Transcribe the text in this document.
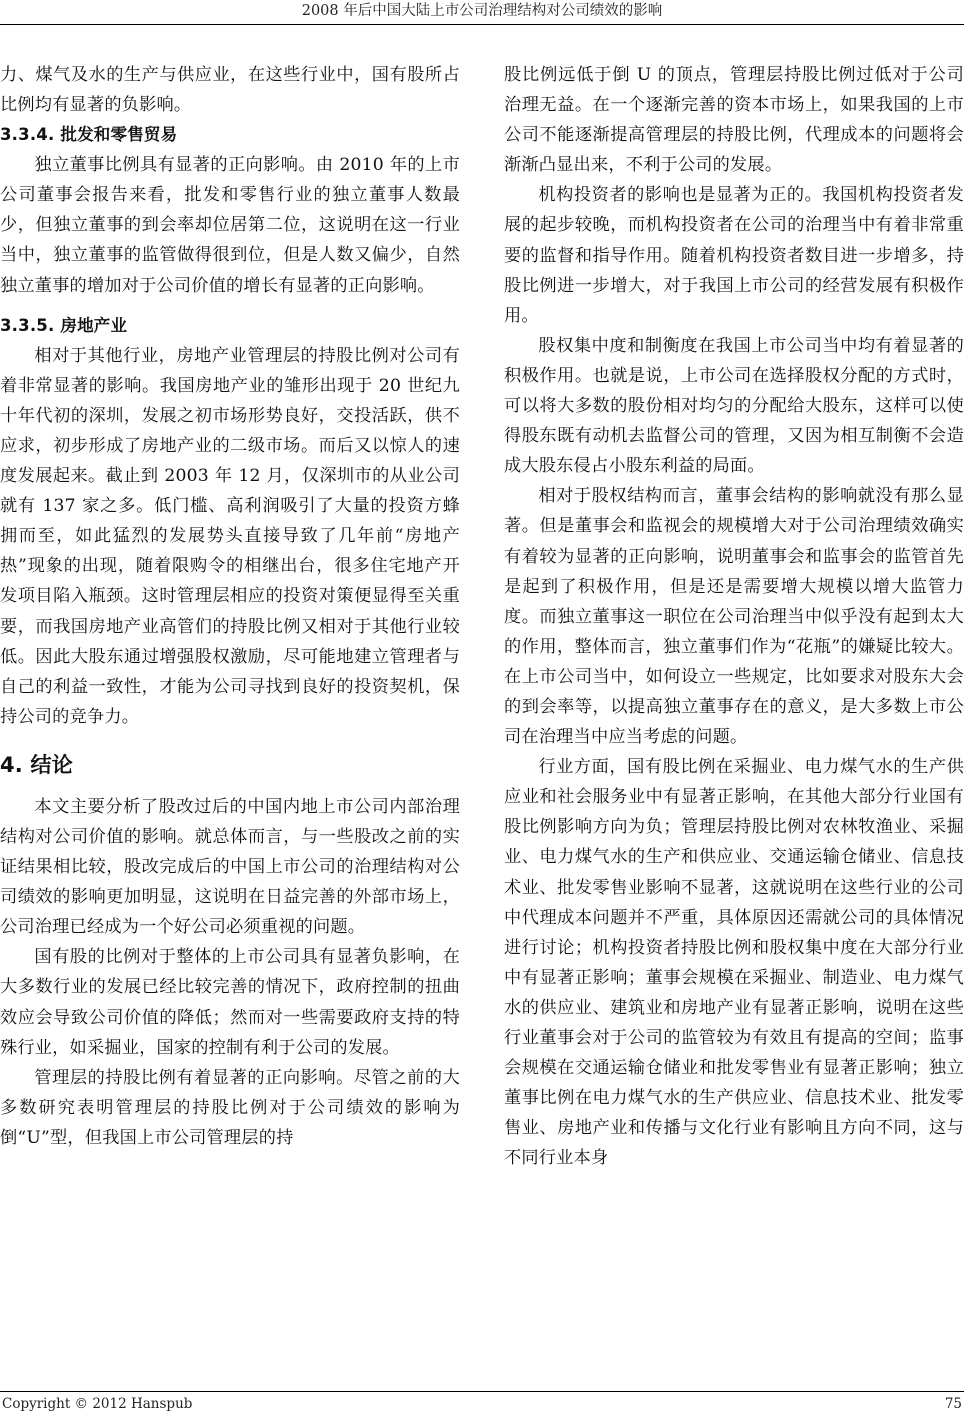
2008 年后中国大陆上市公司治理结构对公司绩效的影响

力、煤气及水的生产与供应业，在这些行业中，国有股所占比例均有显著的负影响。

3.3.4. 批发和零售贸易

独立董事比例具有显著的正向影响。由 2010 年的上市公司董事会报告来看，批发和零售行业的独立董事人数最少，但独立董事的到会率却位居第二位，这说明在这一行业当中，独立董事的监管做得很到位，但是人数又偏少，自然独立董事的增加对于公司价值的增长有显著的正向影响。

3.3.5. 房地产业

相对于其他行业，房地产业管理层的持股比例对公司有着非常显著的影响。我国房地产业的雏形出现于 20 世纪九十年代初的深圳，发展之初市场形势良好，交投活跃，供不应求，初步形成了房地产业的二级市场。而后又以惊人的速度发展起来。截止到 2003 年 12 月，仅深圳市的从业公司就有 137 家之多。低门槛、高利润吸引了大量的投资方蜂拥而至，如此猛烈的发展势头直接导致了几年前“房地产热”现象的出现，随着限购令的相继出台，很多住宅地产开发项目陷入瓶颈。这时管理层相应的投资对策便显得至关重要，而我国房地产业高管们的持股比例又相对于其他行业较低。因此大股东通过增强股权激励，尽可能地建立管理者与自己的利益一致性，才能为公司寻找到良好的投资契机，保持公司的竞争力。

4. 结论

本文主要分析了股改过后的中国内地上市公司内部治理结构对公司价值的影响。就总体而言，与一些股改之前的实证结果相比较，股改完成后的中国上市公司的治理结构对公司绩效的影响更加明显，这说明在日益完善的外部市场上，公司治理已经成为一个好公司必须重视的问题。

国有股的比例对于整体的上市公司具有显著负影响，在大多数行业的发展已经比较完善的情况下，政府控制的扭曲效应会导致公司价值的降低；然而对一些需要政府支持的特殊行业，如采掘业，国家的控制有利于公司的发展。

管理层的持股比例有着显著的正向影响。尽管之前的大多数研究表明管理层的持股比例对于公司绩效的影响为倒“U”型，但我国上市公司管理层的持

股比例远低于倒 U 的顶点，管理层持股比例过低对于公司治理无益。在一个逐渐完善的资本市场上，如果我国的上市公司不能逐渐提高管理层的持股比例，代理成本的问题将会渐渐凸显出来，不利于公司的发展。

机构投资者的影响也是显著为正的。我国机构投资者发展的起步较晚，而机构投资者在公司的治理当中有着非常重要的监督和指导作用。随着机构投资者数目进一步增多，持股比例进一步增大，对于我国上市公司的经营发展有积极作用。

股权集中度和制衡度在我国上市公司当中均有着显著的积极作用。也就是说，上市公司在选择股权分配的方式时，可以将大多数的股份相对均匀的分配给大股东，这样可以使得股东既有动机去监督公司的管理，又因为相互制衡不会造成大股东侵占小股东利益的局面。

相对于股权结构而言，董事会结构的影响就没有那么显著。但是董事会和监视会的规模增大对于公司治理绩效确实有着较为显著的正向影响，说明董事会和监事会的监管首先是起到了积极作用，但是还是需要增大规模以增大监管力度。而独立董事这一职位在公司治理当中似乎没有起到太大的作用，整体而言，独立董事们作为“花瓶”的嫌疑比较大。在上市公司当中，如何设立一些规定，比如要求对股东大会的到会率等，以提高独立董事存在的意义，是大多数上市公司在治理当中应当考虑的问题。

行业方面，国有股比例在采掘业、电力煤气水的生产供应业和社会服务业中有显著正影响，在其他大部分行业国有股比例影响方向为负；管理层持股比例对农林牧渔业、采掘业、电力煤气水的生产和供应业、交通运输仓储业、信息技术业、批发零售业影响不显著，这就说明在这些行业的公司中代理成本问题并不严重，具体原因还需就公司的具体情况进行讨论；机构投资者持股比例和股权集中度在大部分行业中有显著正影响；董事会规模在采掘业、制造业、电力煤气水的供应业、建筑业和房地产业有显著正影响，说明在这些行业董事会对于公司的监管较为有效且有提高的空间；监事会规模在交通运输仓储业和批发零售业有显著正影响；独立董事比例在电力煤气水的生产供应业、信息技术业、批发零售业、房地产业和传播与文化行业有影响且方向不同，这与不同行业本身

Copyright © 2012 Hanspub	75
